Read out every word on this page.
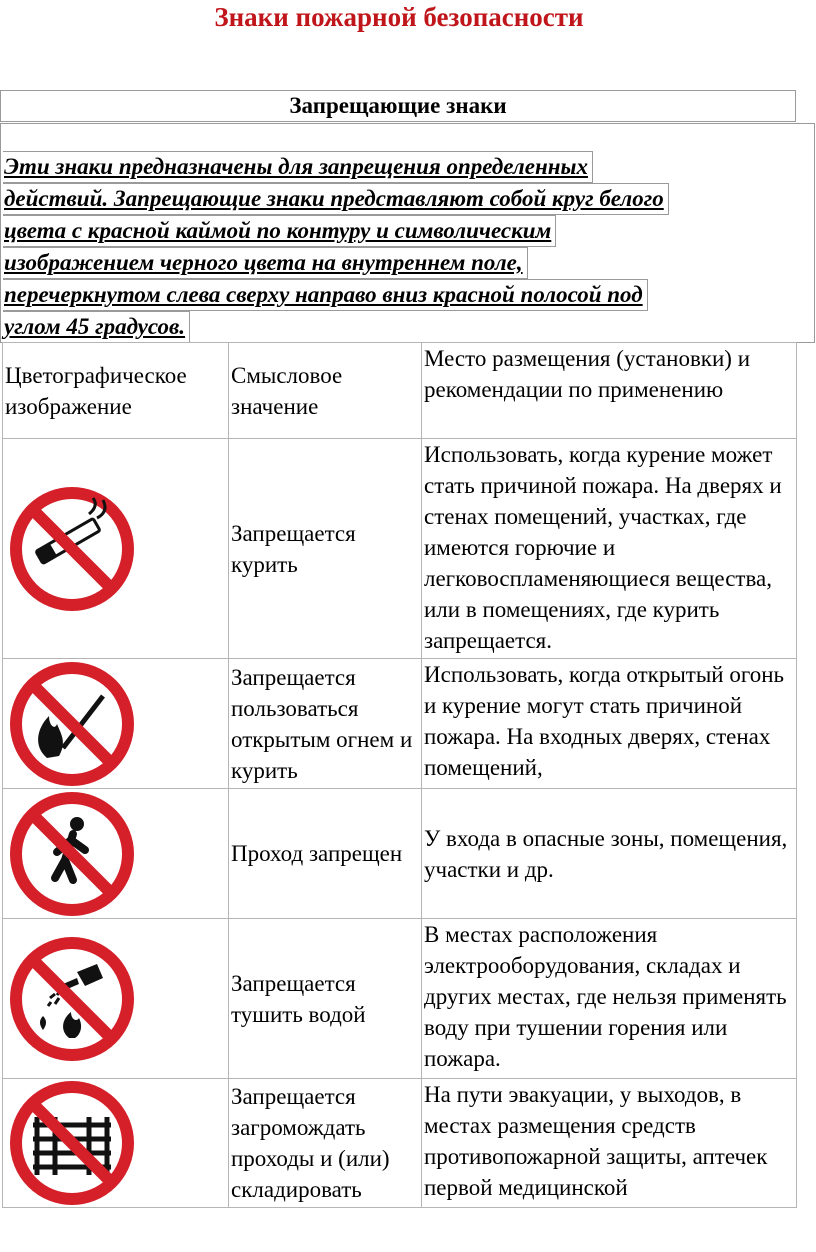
Знаки пожарной безопасности
Запрещающие знаки
Эти знаки предназначены для запрещения определенных
действий. Запрещающие знаки представляют собой круг белого
цвета с красной каймой по контуру и символическим
изображением черного цвета на внутреннем поле,
перечеркнутом слева сверху направо вниз красной полосой под
углом 45 градусов.
Цветографическое изображение	Смысловое значение	Место размещения (установки) и рекомендации по применению

	Запрещается курить	Использовать, когда курение может стать причиной пожара. На дверях и стенах помещений, участках, где имеются горючие и легковоспламеняющиеся вещества, или в помещениях, где курить запрещается.

	Запрещается пользоваться открытым огнем и курить	Использовать, когда открытый огонь и курение могут стать причиной пожара. На входных дверях, стенах помещений,

	Проход запрещен	У входа в опасные зоны, помещения, участки и др.

	Запрещается тушить водой	В местах расположения электрооборудования, складах и других местах, где нельзя применять воду при тушении горения или пожара.

	Запрещается загромождать проходы и (или) складировать	На пути эвакуации, у выходов, в местах размещения средств противопожарной защиты, аптечек первой медицинской
